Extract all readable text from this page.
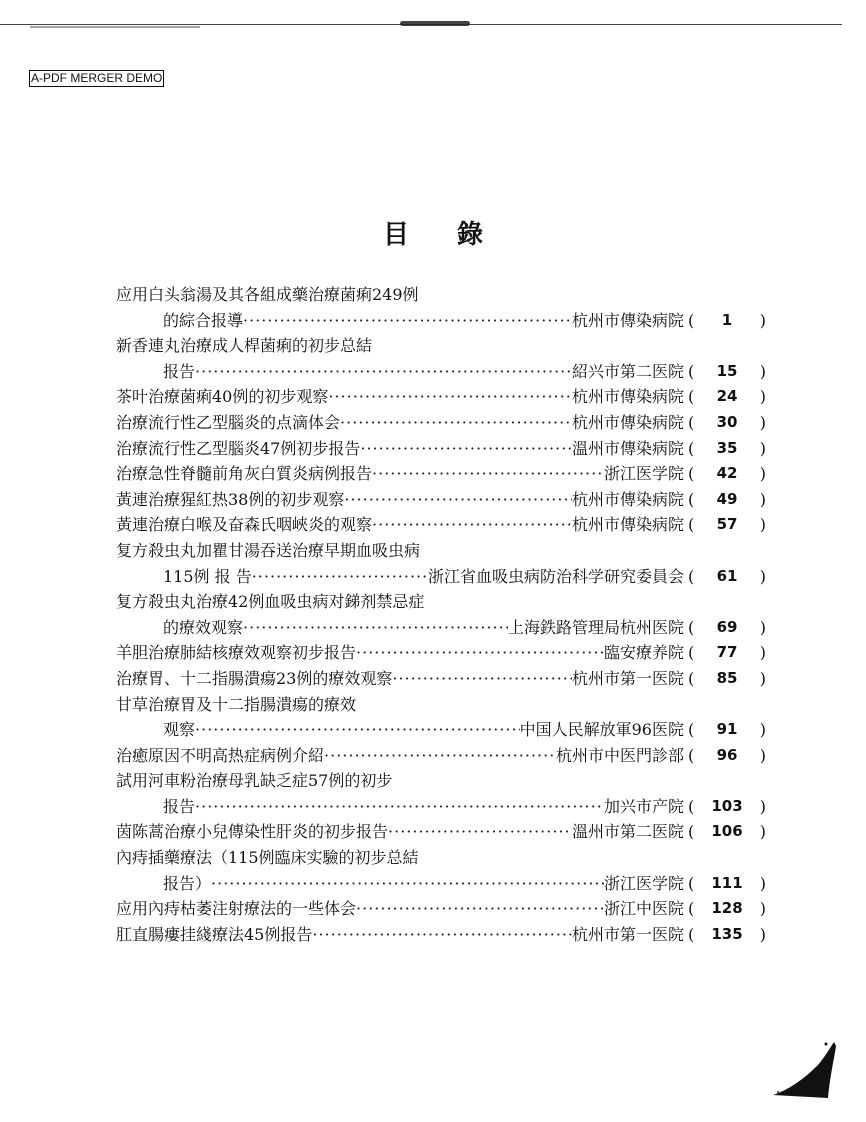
A-PDF MERGER DEMO
目錄
应用白头翁湯及其各組成藥治療菌痢249例
的綜合报導 ·····	杭州市傳染病院 ( 1 )
新香連丸治療成人桿菌痢的初步总結
报告 ·····	紹兴市第二医院 ( 15 )
茶叶治療菌痢40例的初步观察 ·····	杭州市傳染病院 ( 24 )
治療流行性乙型腦炎的点滴体会 ·····	杭州市傳染病院 ( 30 )
治療流行性乙型腦炎47例初步报告 ·····	溫州市傳染病院 ( 35 )
治療急性脊髓前角灰白質炎病例报告 ·····	浙江医学院 ( 42 )
黃連治療猩紅热38例的初步观察 ·····	杭州市傳染病院 ( 49 )
黃連治療白喉及奋森氏咽峽炎的观察 ·····	杭州市傳染病院 ( 57 )
复方殺虫丸加瞿甘湯吞送治療早期血吸虫病
115例 报 告 ·····	浙江省血吸虫病防治科学研究委員会 ( 61 )
复方殺虫丸治療42例血吸虫病对銻剂禁忌症
的療效观察 ·····	上海鉄路管理局杭州医院 ( 69 )
羊胆治療肺結核療效观察初步报告 ·····	臨安療养院 ( 77 )
治療胃、十二指腸潰瘍23例的療效观察 ·····	杭州市第一医院 ( 85 )
甘草治療胃及十二指腸潰瘍的療效
观察 ·····	中国人民解放軍96医院 ( 91 )
治癒原因不明高热症病例介紹 ·····	杭州市中医門診部 ( 96 )
試用河車粉治療母乳缺乏症57例的初步
报告 ·····	加兴市产院 ( 103 )
茵陈蒿治療小兒傳染性肝炎的初步报告 ·····	溫州市第二医院 ( 106 )
內痔插藥療法（115例臨床实驗的初步总結
报告） ·····	浙江医学院 ( 111 )
应用內痔枯萎注射療法的一些体会 ·····	浙江中医院 ( 128 )
肛直腸瘻挂綫療法45例报告 ·····	杭州市第一医院 ( 135 )
